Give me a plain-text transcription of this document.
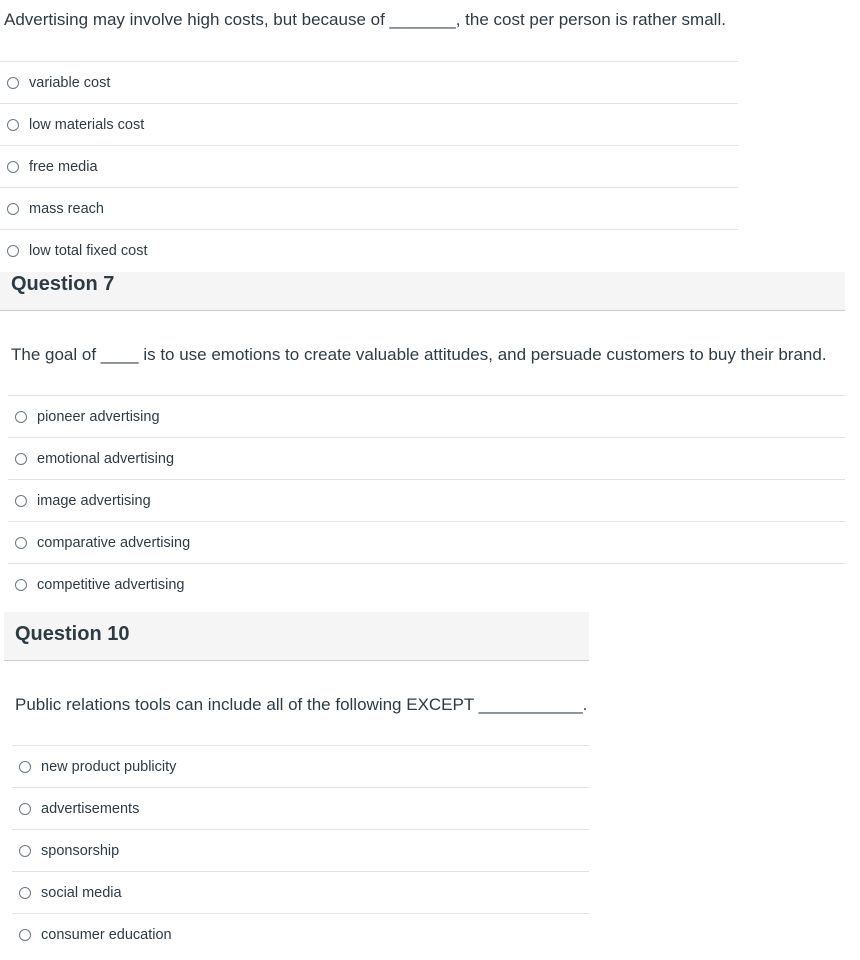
Advertising may involve high costs, but because of _______, the cost per person is rather small.
variable cost
low materials cost
free media
mass reach
low total fixed cost
Question 7
The goal of ____ is to use emotions to create valuable attitudes, and persuade customers to buy their brand.
pioneer advertising
emotional advertising
image advertising
comparative advertising
competitive advertising
Question 10
Public relations tools can include all of the following EXCEPT ___________.
new product publicity
advertisements
sponsorship
social media
consumer education
